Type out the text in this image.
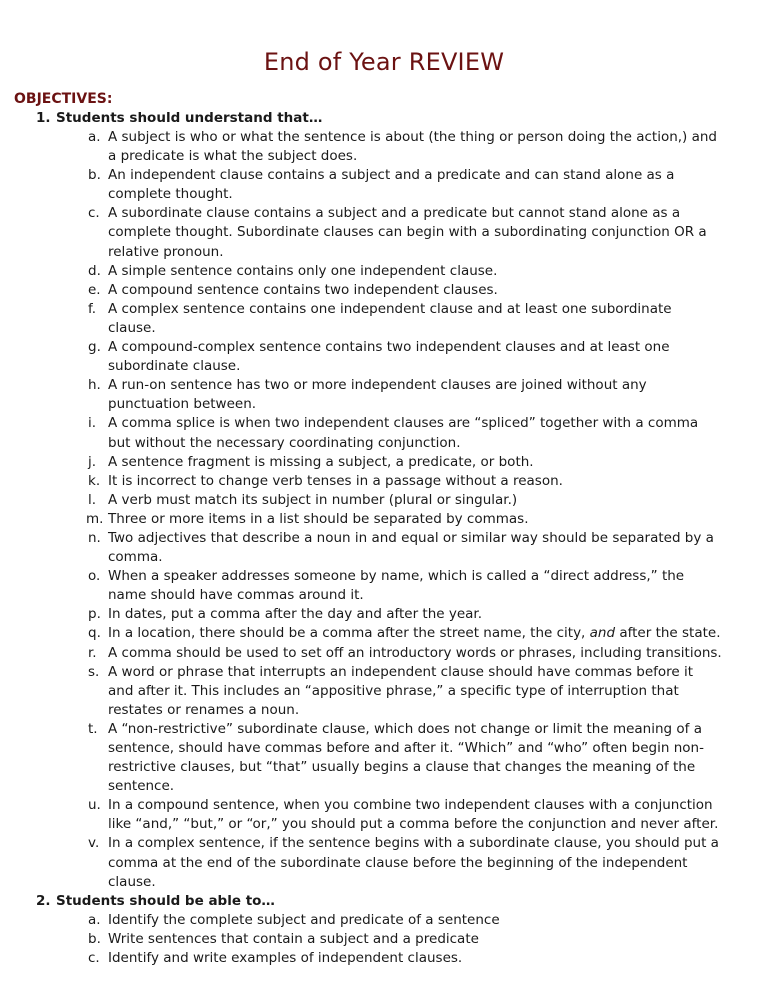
End of Year REVIEW
OBJECTIVES:
1. Students should understand that…
a. A subject is who or what the sentence is about (the thing or person doing the action,) and a predicate is what the subject does.
b. An independent clause contains a subject and a predicate and can stand alone as a complete thought.
c. A subordinate clause contains a subject and a predicate but cannot stand alone as a complete thought. Subordinate clauses can begin with a subordinating conjunction OR a relative pronoun.
d. A simple sentence contains only one independent clause.
e. A compound sentence contains two independent clauses.
f. A complex sentence contains one independent clause and at least one subordinate clause.
g. A compound-complex sentence contains two independent clauses and at least one subordinate clause.
h. A run-on sentence has two or more independent clauses are joined without any punctuation between.
i. A comma splice is when two independent clauses are “spliced” together with a comma but without the necessary coordinating conjunction.
j. A sentence fragment is missing a subject, a predicate, or both.
k. It is incorrect to change verb tenses in a passage without a reason.
l. A verb must match its subject in number (plural or singular.)
m. Three or more items in a list should be separated by commas.
n. Two adjectives that describe a noun in and equal or similar way should be separated by a comma.
o. When a speaker addresses someone by name, which is called a “direct address,” the name should have commas around it.
p. In dates, put a comma after the day and after the year.
q. In a location, there should be a comma after the street name, the city, and after the state.
r. A comma should be used to set off an introductory words or phrases, including transitions.
s. A word or phrase that interrupts an independent clause should have commas before it and after it. This includes an “appositive phrase,” a specific type of interruption that restates or renames a noun.
t. A “non-restrictive” subordinate clause, which does not change or limit the meaning of a sentence, should have commas before and after it. “Which” and “who” often begin non-restrictive clauses, but “that” usually begins a clause that changes the meaning of the sentence.
u. In a compound sentence, when you combine two independent clauses with a conjunction like “and,” “but,” or “or,” you should put a comma before the conjunction and never after.
v. In a complex sentence, if the sentence begins with a subordinate clause, you should put a comma at the end of the subordinate clause before the beginning of the independent clause.
2. Students should be able to…
a. Identify the complete subject and predicate of a sentence
b. Write sentences that contain a subject and a predicate
c. Identify and write examples of independent clauses.
